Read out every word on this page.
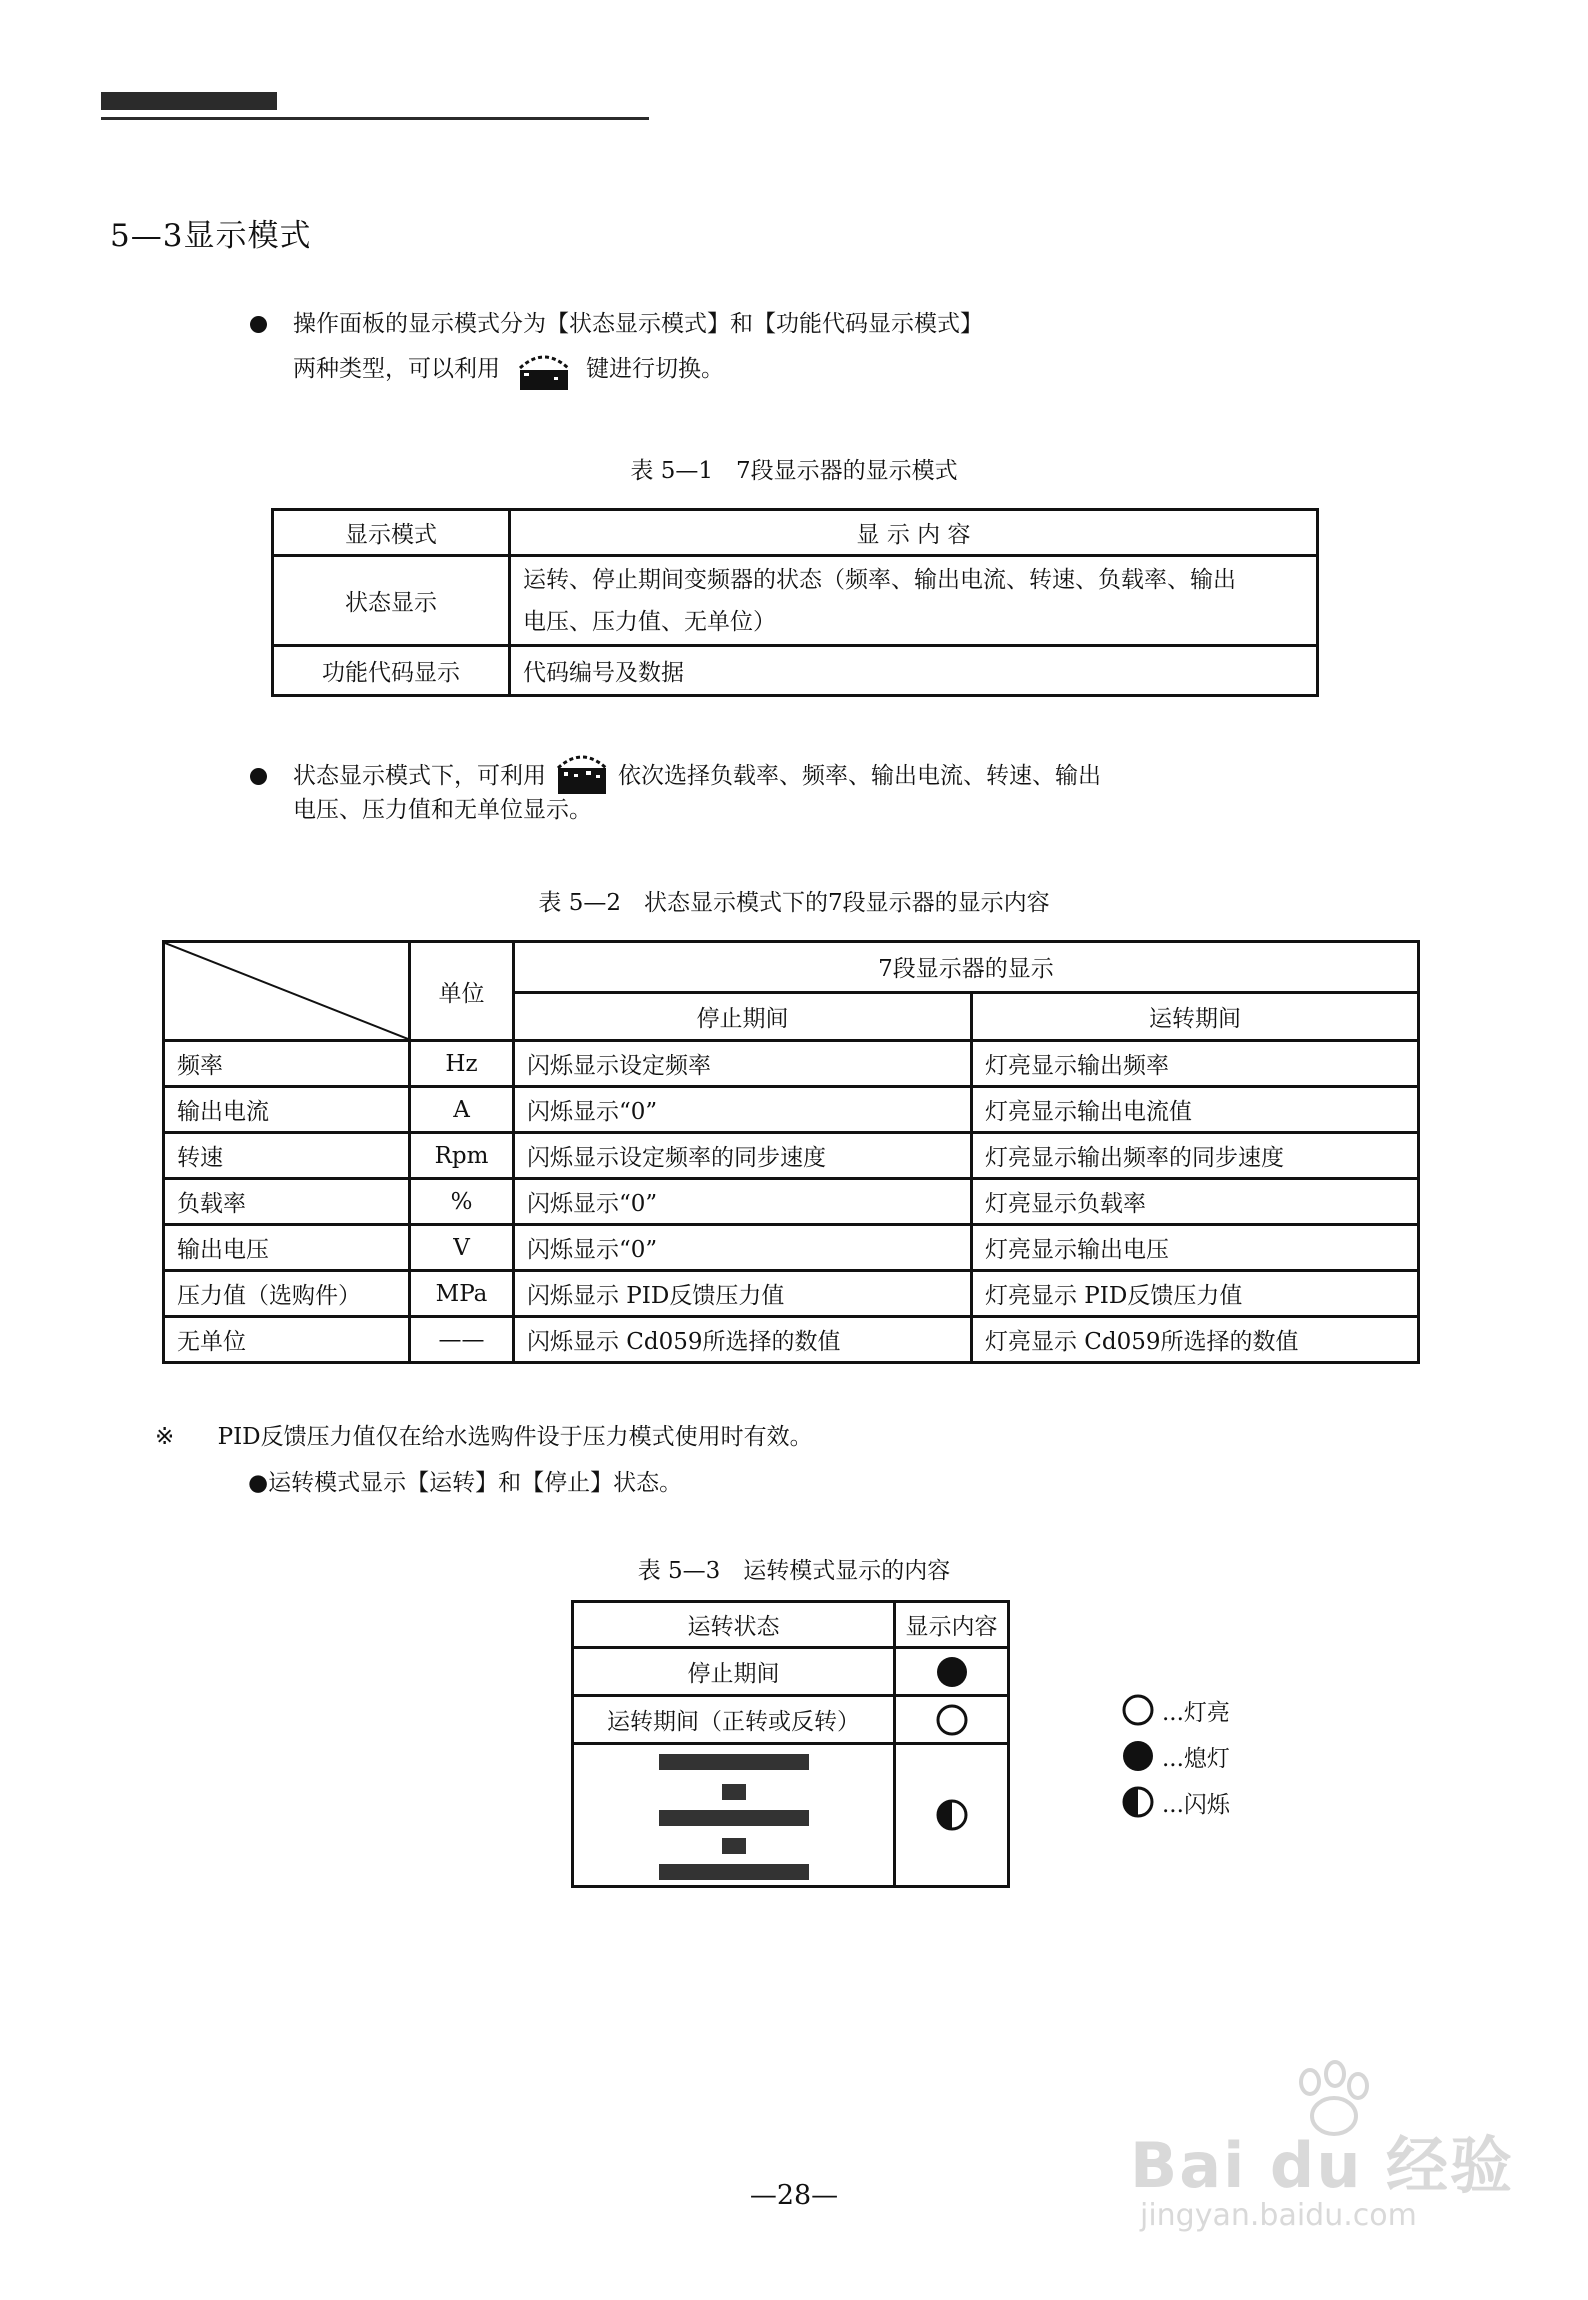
5—3显示模式
操作面板的显示模式分为【状态显示模式】和【功能代码显示模式】
两种类型，可以利用	键进行切换。
表 5—1　7段显示器的显示模式
显示模式	显 示 内 容
状态显示	运转、停止期间变频器的状态（频率、输出电流、转速、负载率、输出
电压、压力值、无单位）

功能代码显示	代码编号及数据
状态显示模式下，可利用	依次选择负载率、频率、输出电流、转速、输出
电压、压力值和无单位显示。
表 5—2　状态显示模式下的7段显示器的显示内容
	单位	7段显示器的显示	
		停止期间	运转期间
频率	Hz	闪烁显示设定频率	灯亮显示输出频率
输出电流	A	闪烁显示“0”	灯亮显示输出电流值
转速	Rpm	闪烁显示设定频率的同步速度	灯亮显示输出频率的同步速度
负载率	%	闪烁显示“0”	灯亮显示负载率
输出电压	V	闪烁显示“0”	灯亮显示输出电压
压力值（选购件）	MPa	闪烁显示 PID反馈压力值	灯亮显示 PID反馈压力值
无单位	——	闪烁显示 Cd059所选择的数值	灯亮显示 Cd059所选择的数值
※ PID反馈压力值仅在给水选购件设于压力模式使用时有效。
●运转模式显示【运转】和【停止】状态。
表 5—3　运转模式显示的内容
运转状态	显示内容
停止期间	

运转期间（正转或反转）	

		...灯亮
...熄灯
...闪烁
—28—	Bai du 经验
jingyan.baidu.com
